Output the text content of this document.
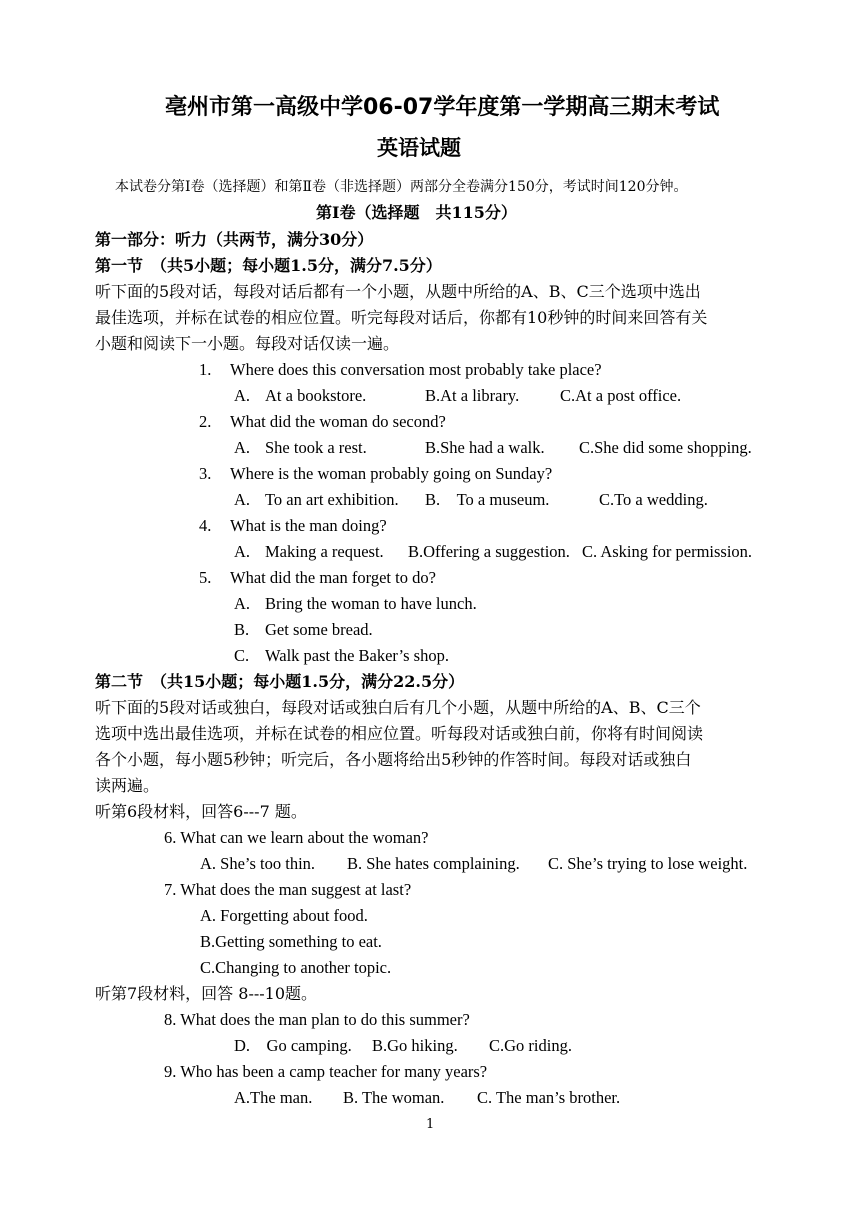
亳州市第一高级中学06-07学年度第一学期高三期末考试
英语试题
本试卷分第Ⅰ卷（选择题）和第Ⅱ卷（非选择题）两部分全卷满分150分，考试时间120分钟。
第Ⅰ卷（选择题　共115分）
第一部分：听力（共两节，满分30分）
第一节　（共5小题；每小题1.5分，满分7.5分）
听下面的5段对话，每段对话后都有一个小题，从题中所给的A、B、C三个选项中选出
最佳选项，并标在试卷的相应位置。听完每段对话后，你都有10秒钟的时间来回答有关
小题和阅读下一小题。每段对话仅读一遍。
1. Where does this conversation most probably take place?
A. At a bookstore.	B.At a library. C.At a post office.
2. What did the woman do second?
A. She took a rest.	B.She had a walk. C.She did some shopping.
3. Where is the woman probably going on Sunday?
A. To an art exhibition. B.　To a museum.	C.To a wedding.
4. What is the man doing?
A. Making a request. B.Offering a suggestion. C. Asking for permission.
5. What did the man forget to do?
A. Bring the woman to have lunch.
B. Get some bread.
C. Walk past the Baker’s shop.
第二节　（共15小题；每小题1.5分，满分22.5分）
听下面的5段对话或独白，每段对话或独白后有几个小题，从题中所给的A、B、C三个
选项中选出最佳选项，并标在试卷的相应位置。听每段对话或独白前，你将有时间阅读
各个小题，每小题5秒钟；听完后，各小题将给出5秒钟的作答时间。每段对话或独白
读两遍。
听第6段材料，回答6---7 题。
6. What can we learn about the woman?
A. She’s too thin. B. She hates complaining. C. She’s trying to lose weight.
7. What does the man suggest at last?
A. Forgetting about food.
B.Getting something to eat.
C.Changing to another topic.
听第7段材料，回答 8---10题。
8. What does the man plan to do this summer?
D.　Go camping. B.Go hiking. C.Go riding.
9. Who has been a camp teacher for many years?
A.The man. B. The woman. C. The man’s brother.
1
